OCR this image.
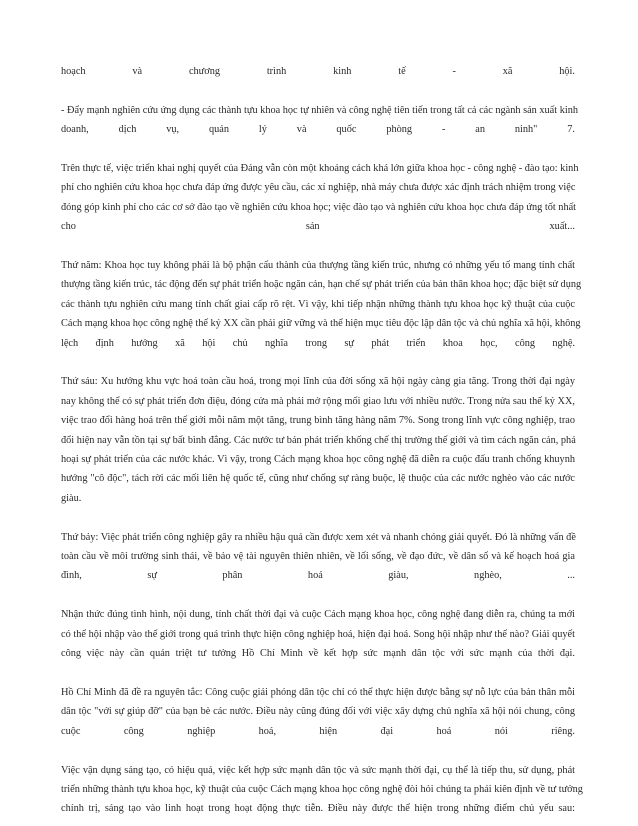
hoạch và chương trình kinh tế - xã hội.

- Đẩy mạnh nghiên cứu ứng dụng các thành tựu khoa học tự nhiên và công nghệ tiên tiến trong tất cả các ngành sản xuất kinh
doanh, dịch vụ, quản lý và quốc phòng - an ninh" 7.

Trên thực tế, việc triển khai nghị quyết của Đảng vẫn còn một khoảng cách khá lớn giữa khoa học - công nghệ - đào tạo: kinh
phí cho nghiên cứu khoa học chưa đáp ứng được yêu cầu, các xí nghiệp, nhà máy chưa được xác định trách nhiệm trong việc
đóng góp kinh phí cho các cơ sở đào tạo về nghiên cứu khoa học; việc đào tạo và nghiên cứu khoa học chưa đáp ứng tốt nhất
cho sản xuất...

Thứ năm: Khoa học tuy không phải là bộ phận cấu thành của thượng tầng kiến trúc, nhưng có những yếu tố mang tính chất
thượng tầng kiến trúc, tác động đến sự phát triển hoặc ngăn cản, hạn chế sự phát triển của bản thân khoa học; đặc biệt sử dụng
các thành tựu nghiên cứu mang tính chất giai cấp rõ rệt. Vì vậy, khi tiếp nhận những thành tựu khoa học kỹ thuật của cuộc
Cách mạng khoa học công nghệ thế kỷ XX cần phải giữ vững và thể hiện mục tiêu độc lập dân tộc và chủ nghĩa xã hội, không
lệch định hướng xã hội chủ nghĩa trong sự phát triển khoa học, công nghệ.

Thứ sáu: Xu hướng khu vực hoá toàn cầu hoá, trong mọi lĩnh của đời sống xã hội ngày càng gia tăng. Trong thời đại ngày
nay không thể có sự phát triển đơn điệu, đóng cửa mà phải mở rộng mối giao lưu với nhiều nước. Trong nửa sau thế kỷ XX,
việc trao đổi hàng hoá trên thế giới mỗi năm một tăng, trung bình tăng hàng năm 7%. Song trong lĩnh vực công nghiệp, trao
đổi hiện nay vẫn tồn tại sự bất bình đẳng. Các nước tư bản phát triển khống chế thị trường thế giới và tìm cách ngăn cản, phá
hoại sự phát triển của các nước khác. Vì vậy, trong Cách mạng khoa học công nghệ đã diễn ra cuộc đấu tranh chống khuynh
hướng "cô độc", tách rời các mối liên hệ quốc tế, cũng như chống sự ràng buộc, lệ thuộc của các nước nghèo vào các nước
giàu.

Thứ bảy: Việc phát triển công nghiệp gây ra nhiều hậu quả cần được xem xét và nhanh chóng giải quyết. Đó là những vấn đề
toàn cầu về môi trường sinh thái, về bảo vệ tài nguyên thiên nhiên, về lối sống, về đạo đức, về dân số và kế hoạch hoá gia
đình, sự phân hoá giàu, nghèo, ...

Nhận thức đúng tình hình, nội dung, tính chất thời đại và cuộc Cách mạng khoa học, công nghệ đang diễn ra, chúng ta mới
có thể hội nhập vào thế giới trong quá trình thực hiện công nghiệp hoá, hiện đại hoá. Song hội nhập như thế nào? Giải quyết
công việc này cần quán triệt tư tưởng Hồ Chí Minh về kết hợp sức mạnh dân tộc với sức mạnh của thời đại.

Hồ Chí Minh đã đề ra nguyên tắc: Công cuộc giải phóng dân tộc chỉ có thể thực hiện được bằng sự nỗ lực của bản thân mỗi
dân tộc "với sự giúp đỡ" của bạn bè các nước. Điều này cũng đúng đối với việc xây dựng chủ nghĩa xã hội nói chung, công
cuộc công nghiệp hoá, hiện đại hoá nói riêng.

Việc vận dụng sáng tạo, có hiệu quả, việc kết hợp sức mạnh dân tộc và sức mạnh thời đại, cụ thể là tiếp thu, sử dụng, phát
triển những thành tựu khoa học, kỹ thuật của cuộc Cách mạng khoa học công nghệ đòi hỏi chúng ta phải kiên định về tư tưởng
chính trị, sáng tạo vào linh hoạt trong hoạt động thực tiễn. Điều này được thể hiện trong những điểm chủ yếu sau:
